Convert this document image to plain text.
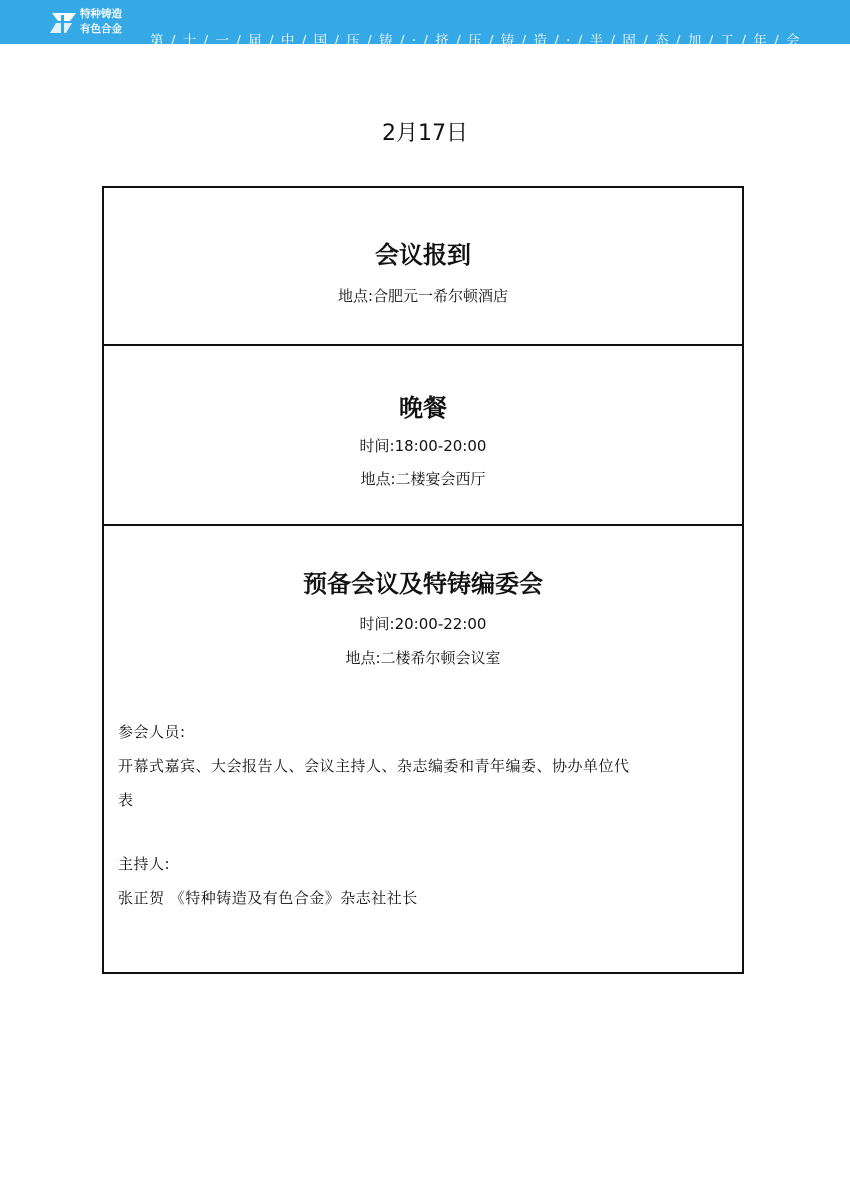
特种铸造
有色合金
第 / 十 / 一 / 届 / 中 / 国 / 压 / 铸 / · / 挤 / 压 / 铸 / 造 / · / 半 / 固 / 态 / 加 / 工 / 年 / 会
2月17日
会议报到
地点:合肥元一希尔顿酒店
晚餐
时间:18:00-20:00
地点:二楼宴会西厅
预备会议及特铸编委会
时间:20:00-22:00
地点:二楼希尔顿会议室
参会人员:
开幕式嘉宾、大会报告人、会议主持人、杂志编委和青年编委、协办单位代
表
主持人:
张正贺 《特种铸造及有色合金》杂志社社长
